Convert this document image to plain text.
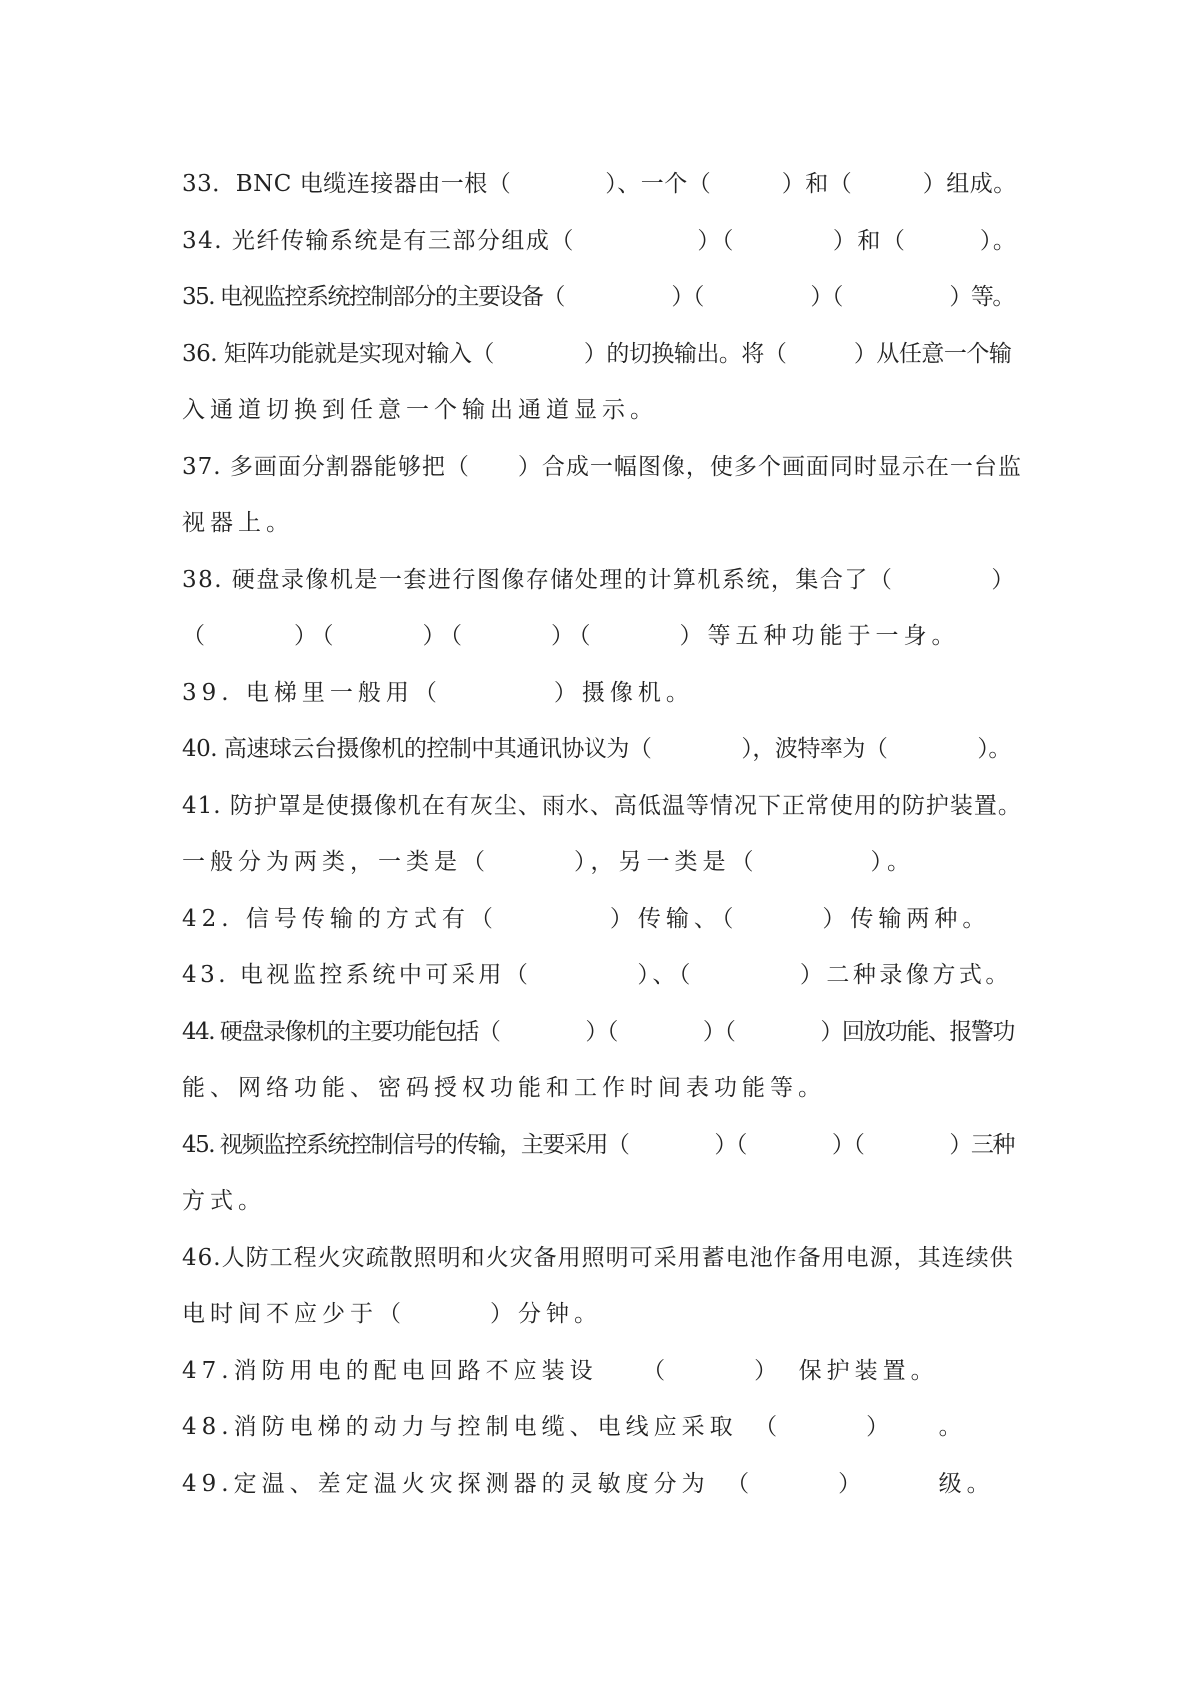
33．BNC 电缆连接器由一根（　　　　）、一个（　　　）和（　　　）组成。
34. 光纤传输系统是有三部分组成（　　　　　）（　　　　）和（　　　）。
35. 电视监控系统控制部分的主要设备（　　　　　）（　　　　　）（　　　　　）等。
36. 矩阵功能就是实现对输入（　　　　）的切换输出。将（　　　）从任意一个输
入通道切换到任意一个输出通道显示。
37. 多画面分割器能够把（　　）合成一幅图像，使多个画面同时显示在一台监
视器上。
38. 硬盘录像机是一套进行图像存储处理的计算机系统，集合了（　　　　）
（　　　）（　　　）（　　　）（　　　）等五种功能于一身。
39. 电梯里一般用（　　　　）摄像机。
40. 高速球云台摄像机的控制中其通讯协议为（　　　　），波特率为（　　　　）。
41. 防护罩是使摄像机在有灰尘、雨水、高低温等情况下正常使用的防护装置。
一般分为两类，一类是（　　　），另一类是（　　　　）。
42. 信号传输的方式有（　　　　）传输、（　　　）传输两种。
43. 电视监控系统中可采用（　　　　）、（　　　　）二种录像方式。
44. 硬盘录像机的主要功能包括（　　　　）（　　　　）（　　　　）回放功能、报警功
能、网络功能、密码授权功能和工作时间表功能等。
45. 视频监控系统控制信号的传输，主要采用（　　　　）（　　　　）（　　　　）三种
方式。
46.人防工程火灾疏散照明和火灾备用照明可采用蓄电池作备用电源，其连续供
电时间不应少于（　　　）分钟。
47.消防用电的配电回路不应装设　　（　　　）　保护装置。
48.消防电梯的动力与控制电缆、电线应采取　（　　　）　　。
49.定温、差定温火灾探测器的灵敏度分为　（　　　）　　　级。
